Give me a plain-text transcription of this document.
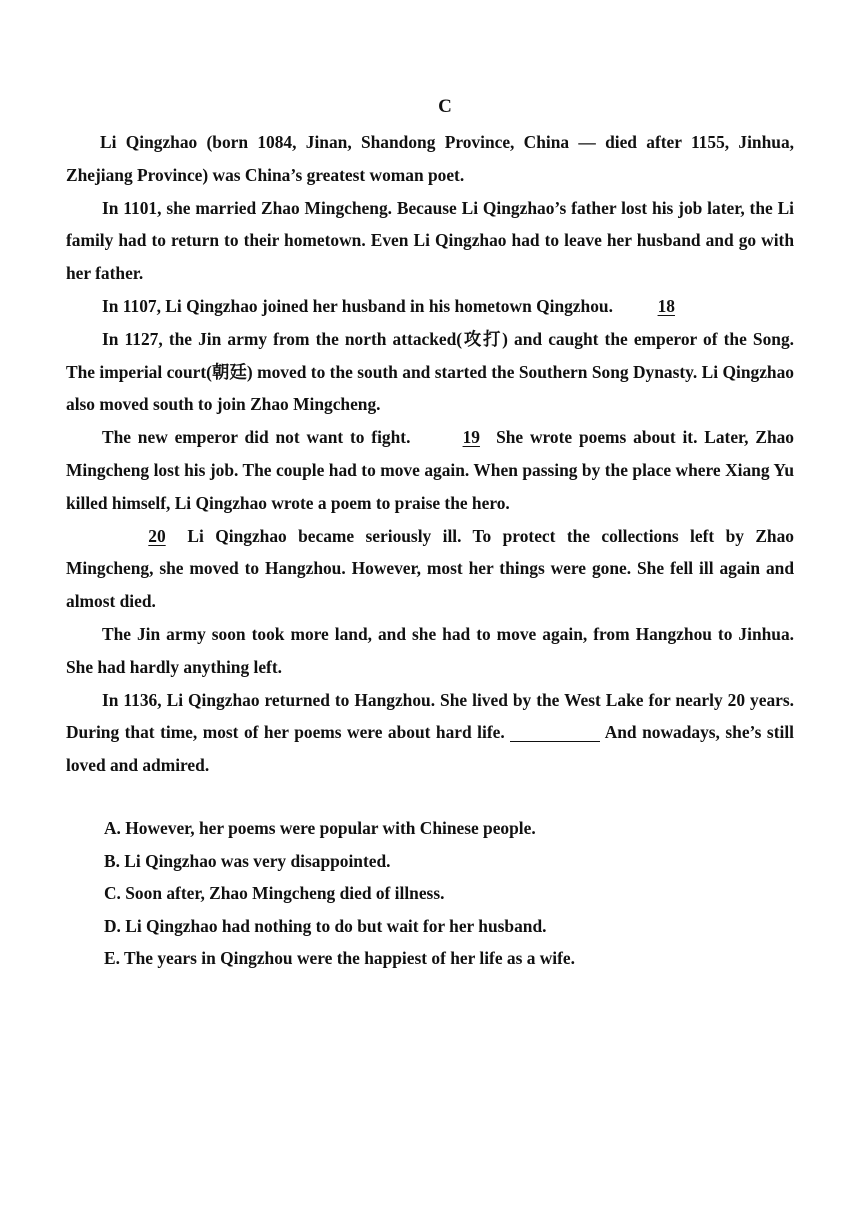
C

Li Qingzhao (born 1084, Jinan, Shandong Province, China — died after 1155, Jinhua, Zhejiang Province) was China’s greatest woman poet.

In 1101, she married Zhao Mingcheng. Because Li Qingzhao’s father lost his job later, the Li family had to return to their hometown. Even Li Qingzhao had to leave her husband and go with her father.

In 1107, Li Qingzhao joined her husband in his hometown Qingzhou.	18

In 1127, the Jin army from the north attacked(攻打) and caught the emperor of the Song. The imperial court(朝廷) moved to the south and started the Southern Song Dynasty. Li Qingzhao also moved south to join Zhao Mingcheng.

The new emperor did not want to fight.	19 She wrote poems about it. Later, Zhao Mingcheng lost his job. The couple had to move again. When passing by the place where Xiang Yu killed himself, Li Qingzhao wrote a poem to praise the hero.

20 Li Qingzhao became seriously ill. To protect the collections left by Zhao Mingcheng, she moved to Hangzhou. However, most her things were gone. She fell ill again and almost died.

The Jin army soon took more land, and she had to move again, from Hangzhou to Jinhua. She had hardly anything left.

In 1136, Li Qingzhao returned to Hangzhou. She lived by the West Lake for nearly 20 years. During that time, most of her poems were about hard life.	And nowadays, she’s still loved and admired.

A. However, her poems were popular with Chinese people.

B. Li Qingzhao was very disappointed.

C. Soon after, Zhao Mingcheng died of illness.

D. Li Qingzhao had nothing to do but wait for her husband.

E. The years in Qingzhou were the happiest of her life as a wife.
